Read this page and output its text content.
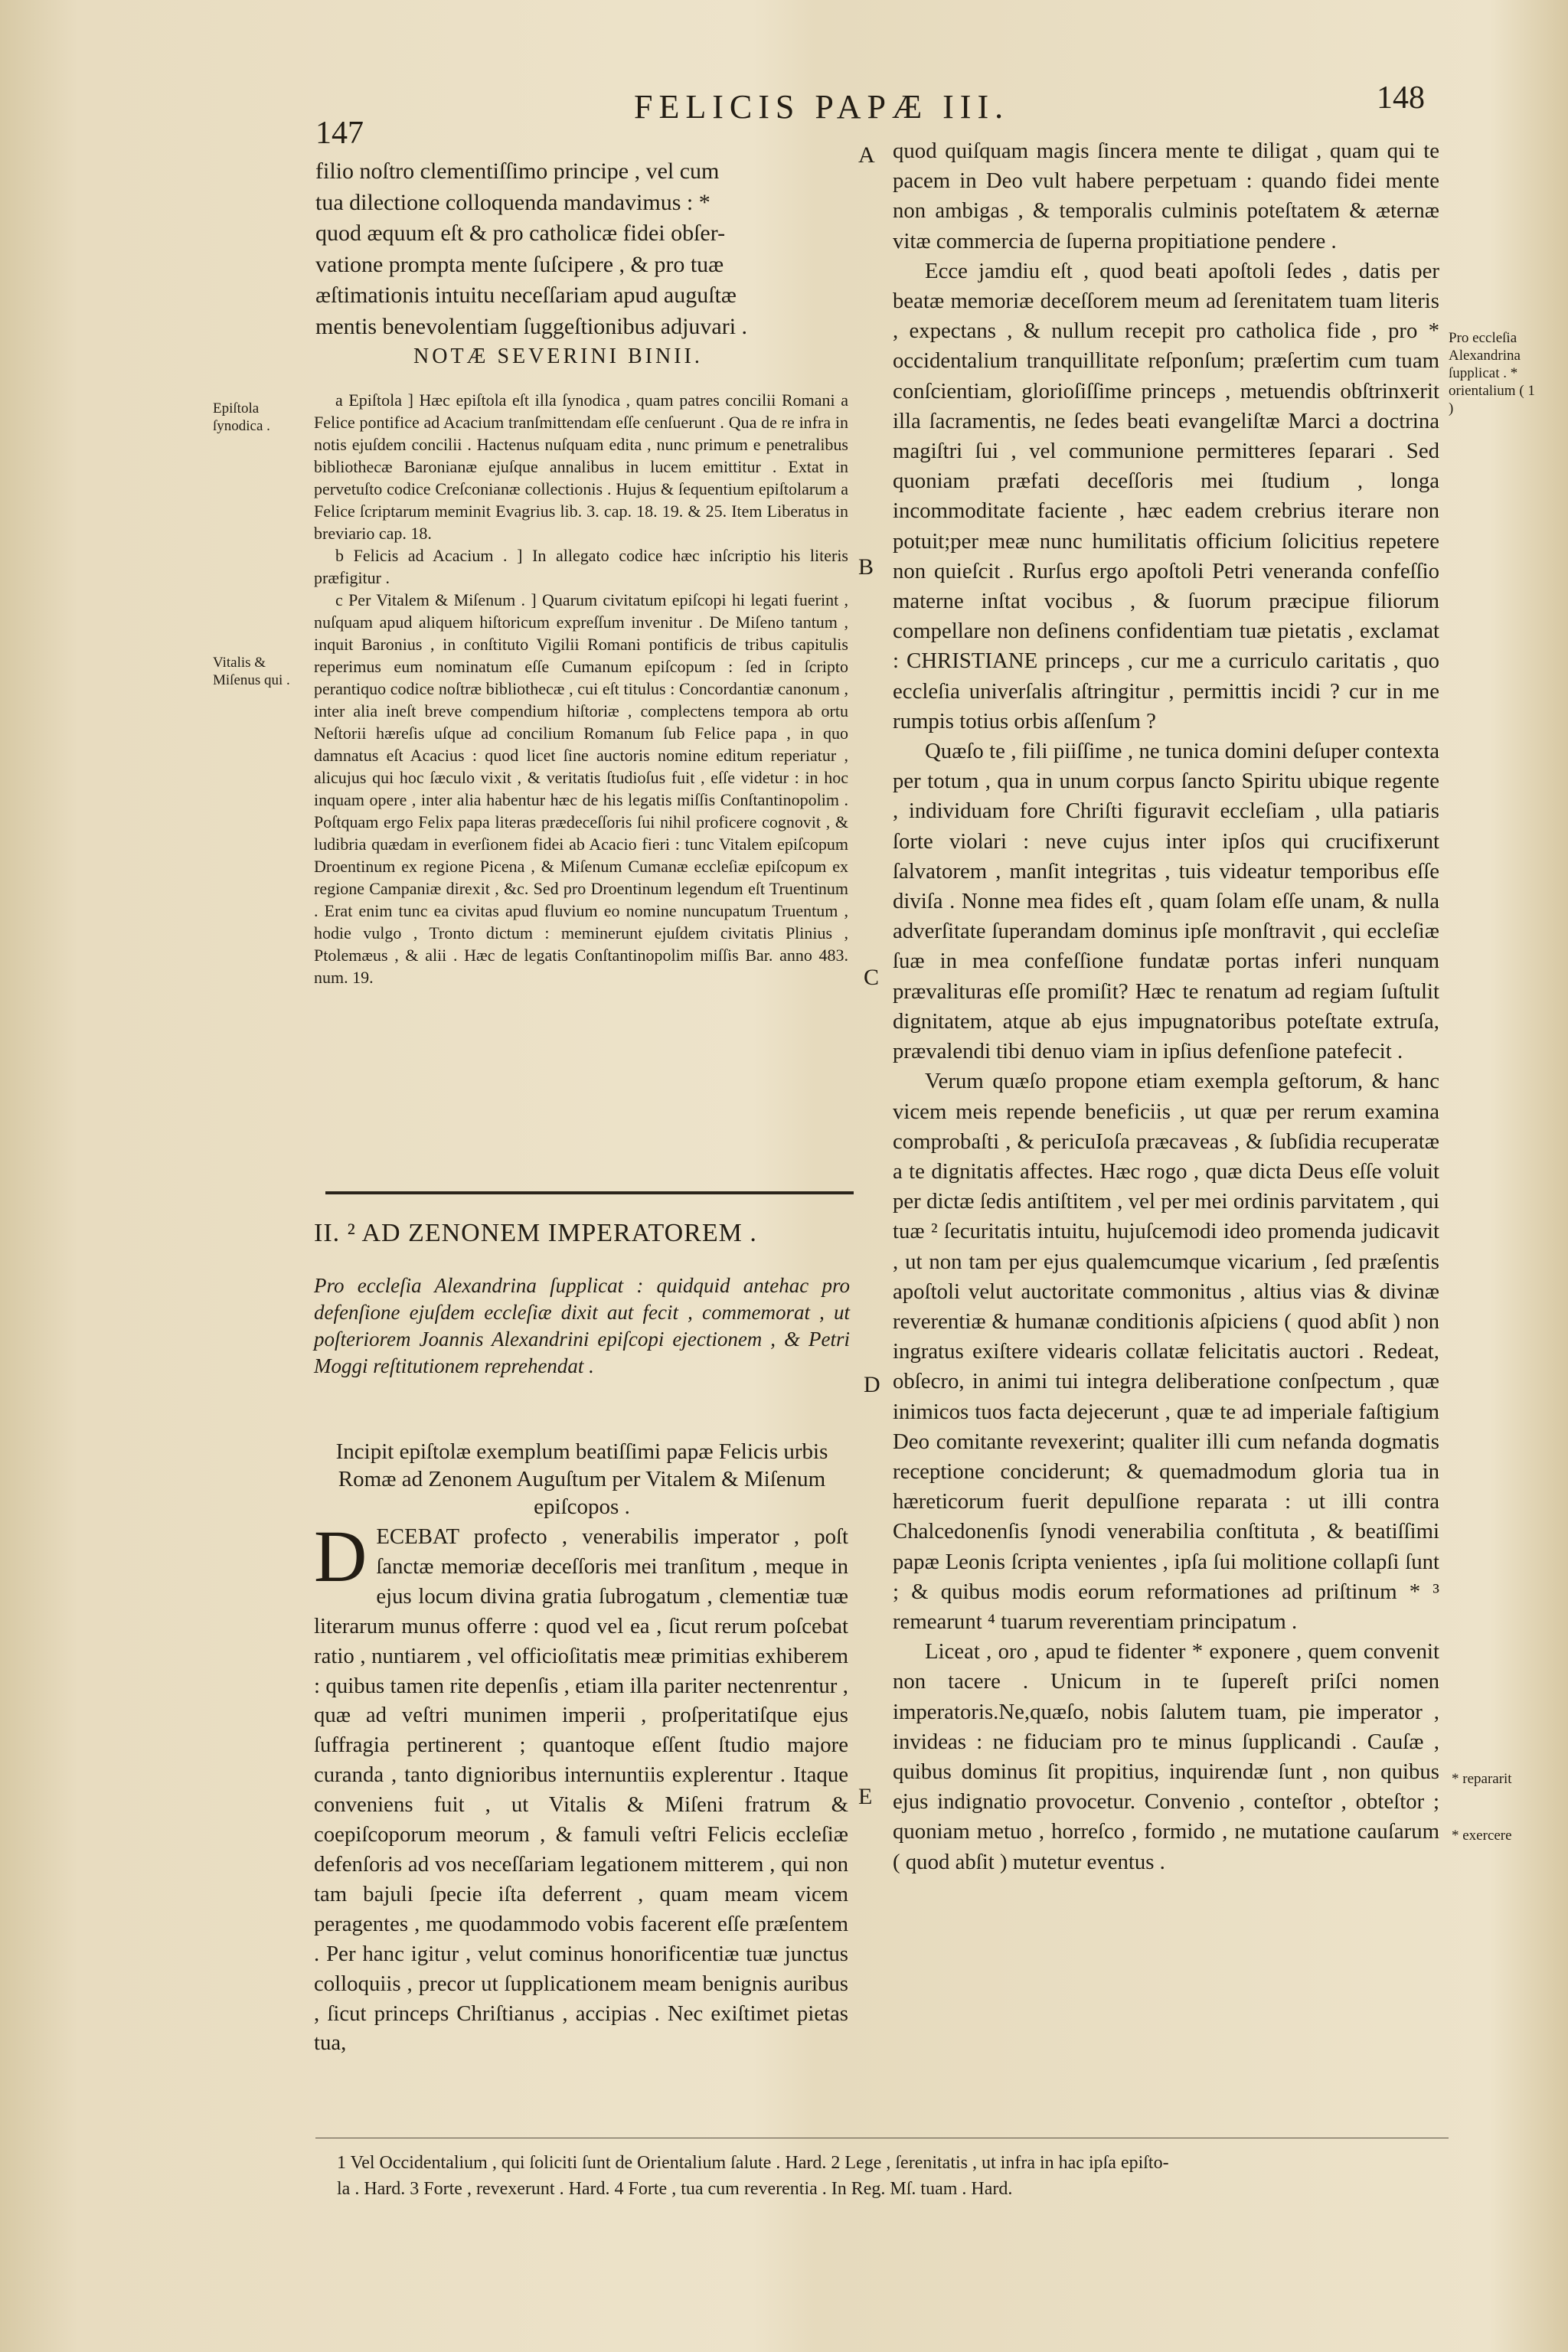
147
FELICIS PAPÆ III.	148

filio noſtro clementiſſimo principe , vel cum

tua dilectione colloquenda mandavimus : *

quod æquum eſt & pro catholicæ fidei obſer-

vatione prompta mente ſuſcipere , & pro tuæ

æſtimationis intuitu neceſſariam apud auguſtæ

mentis benevolentiam ſuggeſtionibus adjuvari .

NOTÆ SEVERINI BINII.
Epiſtola ſynodica .
Vitalis & Miſenus qui .

a Epiſtola ] Hæc epiſtola eſt illa ſynodica , quam patres concilii Romani a Felice pontifice ad Acacium tranſmittendam eſſe cenſuerunt . Qua de re infra in notis ejuſdem concilii . Hactenus nuſquam edita , nunc primum e penetralibus bibliothecæ Baronianæ ejuſque annalibus in lucem emittitur . Extat in pervetuſto codice Creſconianæ collectionis . Hujus & ſequentium epiſtolarum a Felice ſcriptarum meminit Evagrius lib. 3. cap. 18. 19. & 25. Item Liberatus in breviario cap. 18.

b Felicis ad Acacium . ] In allegato codice hæc inſcriptio his literis præfigitur .

c Per Vitalem & Miſenum . ] Quarum civitatum epiſcopi hi legati fuerint , nuſquam apud aliquem hiſtoricum expreſſum invenitur . De Miſeno tantum , inquit Baronius , in conſtituto Vigilii Romani pontificis de tribus capitulis reperimus eum nominatum eſſe Cumanum epiſcopum : ſed in ſcripto perantiquo codice noſtræ bibliothecæ , cui eſt titulus : Concordantiæ canonum , inter alia ineſt breve compendium hiſtoriæ , complectens tempora ab ortu Neſtorii hæreſis uſque ad concilium Romanum ſub Felice papa , in quo damnatus eſt Acacius : quod licet ſine auctoris nomine editum reperiatur , alicujus qui hoc ſæculo vixit , & veritatis ſtudioſus fuit , eſſe videtur : in hoc inquam opere , inter alia habentur hæc de his legatis miſſis Conſtantinopolim . Poſtquam ergo Felix papa literas prædeceſſoris ſui nihil proficere cognovit , & ludibria quædam in everſionem fidei ab Acacio fieri : tunc Vitalem epiſcopum Droentinum ex regione Picena , & Miſenum Cumanæ eccleſiæ epiſcopum ex regione Campaniæ direxit , &c. Sed pro Droentinum legendum eſt Truentinum . Erat enim tunc ea civitas apud fluvium eo nomine nuncupatum Truentum , hodie vulgo , Tronto dictum : meminerunt ejuſdem civitatis Plinius , Ptolemæus , & alii . Hæc de legatis Conſtantinopolim miſſis Bar. anno 483. num. 19.

II. ² AD ZENONEM IMPERATOREM .
Pro eccleſia Alexandrina ſupplicat : quidquid antehac pro defenſione ejuſdem eccleſiæ dixit aut fecit , commemorat , ut poſteriorem Joannis Alexandrini epiſcopi ejectionem , & Petri Moggi reſtitutionem reprehendat .
Incipit epiſtolæ exemplum beatiſſimi papæ Felicis urbis Romæ ad Zenonem Auguſtum per Vitalem & Miſenum epiſcopos .
DECEBAT profecto , venerabilis imperator , poſt ſanctæ memoriæ deceſſoris mei tranſitum , meque in ejus locum divina gratia ſubrogatum , clementiæ tuæ literarum munus offerre : quod vel ea , ſicut rerum poſcebat ratio , nuntiarem , vel officioſitatis meæ primitias exhiberem : quibus tamen rite depenſis , etiam illa pariter nectenrentur , quæ ad veſtri munimen imperii , proſperitatiſque ejus ſuffragia pertinerent ; quantoque eſſent ſtudio majore curanda , tanto dignioribus internuntiis explerentur . Itaque conveniens fuit , ut Vitalis & Miſeni fratrum & coepiſcoporum meorum , & famuli veſtri Felicis eccleſiæ defenſoris ad vos neceſſariam legationem mitterem , qui non tam bajuli ſpecie iſta deferrent , quam meam vicem peragentes , me quodammodo vobis facerent eſſe præſentem . Per hanc igitur , velut cominus honorificentiæ tuæ junctus colloquiis , precor ut ſupplicationem meam benignis auribus , ſicut princeps Chriſtianus , accipias . Nec exiſtimet pietas tua,
A
B
C
D
E

quod quiſquam magis ſincera mente te diligat , quam qui te pacem in Deo vult habere perpetuam : quando fidei mente non ambigas , & temporalis culminis poteſtatem & æternæ vitæ commercia de ſuperna propitiatione pendere .

Ecce jamdiu eſt , quod beati apoſtoli ſedes , datis per beatæ memoriæ deceſſorem meum ad ſerenitatem tuam literis , expectans , & nullum recepit pro catholica fide , pro * occidentalium tranquillitate reſponſum; præſertim cum tuam conſcientiam, glorioſiſſime princeps , metuendis obſtrinxerit illa ſacramentis, ne ſedes beati evangeliſtæ Marci a doctrina magiſtri ſui , vel communione permitteres ſeparari . Sed quoniam præfati deceſſoris mei ſtudium , longa incommoditate faciente , hæc eadem crebrius iterare non potuit;per meæ nunc humilitatis officium ſolicitius repetere non quieſcit . Rurſus ergo apoſtoli Petri veneranda confeſſio materne inſtat vocibus , & ſuorum præcipue filiorum compellare non deſinens confidentiam tuæ pietatis , exclamat : CHRISTIANE princeps , cur me a curriculo caritatis , quo eccleſia univerſalis aſtringitur , permittis incidi ? cur in me rumpis totius orbis aſſenſum ?

Quæſo te , fili piiſſime , ne tunica domini deſuper contexta per totum , qua in unum corpus ſancto Spiritu ubique regente , individuam fore Chriſti figuravit eccleſiam , ulla patiaris ſorte violari : neve cujus inter ipſos qui crucifixerunt ſalvatorem , manſit integritas , tuis videatur temporibus eſſe diviſa . Nonne mea fides eſt , quam ſolam eſſe unam, & nulla adverſitate ſuperandam dominus ipſe monſtravit , qui eccleſiæ ſuæ in mea confeſſione fundatæ portas inferi nunquam prævalituras eſſe promiſit? Hæc te renatum ad regiam ſuſtulit dignitatem, atque ab ejus impugnatoribus poteſtate extruſa, prævalendi tibi denuo viam in ipſius defenſione patefecit .

Verum quæſo propone etiam exempla geſtorum, & hanc vicem meis repende beneficiis , ut quæ per rerum examina comprobaſti , & pericuIoſa præcaveas , & ſubſidia recuperatæ a te dignitatis affectes. Hæc rogo , quæ dicta Deus eſſe voluit per dictæ ſedis antiſtitem , vel per mei ordinis parvitatem , qui tuæ ² ſecuritatis intuitu, hujuſcemodi ideo promenda judicavit , ut non tam per ejus qualemcumque vicarium , ſed præſentis apoſtoli velut auctoritate commonitus , altius vias & divinæ reverentiæ & humanæ conditionis aſpiciens ( quod abſit ) non ingratus exiſtere videaris collatæ felicitatis auctori . Redeat, obſecro, in animi tui integra deliberatione conſpectum , quæ inimicos tuos facta dejecerunt , quæ te ad imperiale faſtigium Deo comitante revexerint; qualiter illi cum nefanda dogmatis receptione conciderunt; & quemadmodum gloria tua in hæreticorum fuerit depulſione reparata : ut illi contra Chalcedonenſis ſynodi venerabilia conſtituta , & beatiſſimi papæ Leonis ſcripta venientes , ipſa ſui molitione collapſi ſunt ; & quibus modis eorum reformationes ad priſtinum * ³ remearunt ⁴ tuarum reverentiam principatum .

Liceat , oro , apud te fidenter * exponere , quem convenit non tacere . Unicum in te ſupereſt priſci nomen imperatoris.Ne,quæſo, nobis ſalutem tuam, pie imperator , invideas : ne fiduciam pro te minus ſupplicandi . Cauſæ , quibus dominus ſit propitius, inquirendæ ſunt , non quibus ejus indignatio provocetur. Convenio , conteſtor , obteſtor ; quoniam metuo , horreſco , formido , ne mutatione cauſarum ( quod abſit ) mutetur eventus .

Pro eccleſia Alexandrina ſupplicat . * orientalium ( 1 )
* repararit
* exercere
1 Vel Occidentalium , qui ſoliciti ſunt de Orientalium ſalute . Hard. 2 Lege , ſerenitatis , ut infra in hac ipſa epiſto-
la . Hard. 3 Forte , revexerunt . Hard. 4 Forte , tua cum reverentia . In Reg. Mſ. tuam . Hard.
